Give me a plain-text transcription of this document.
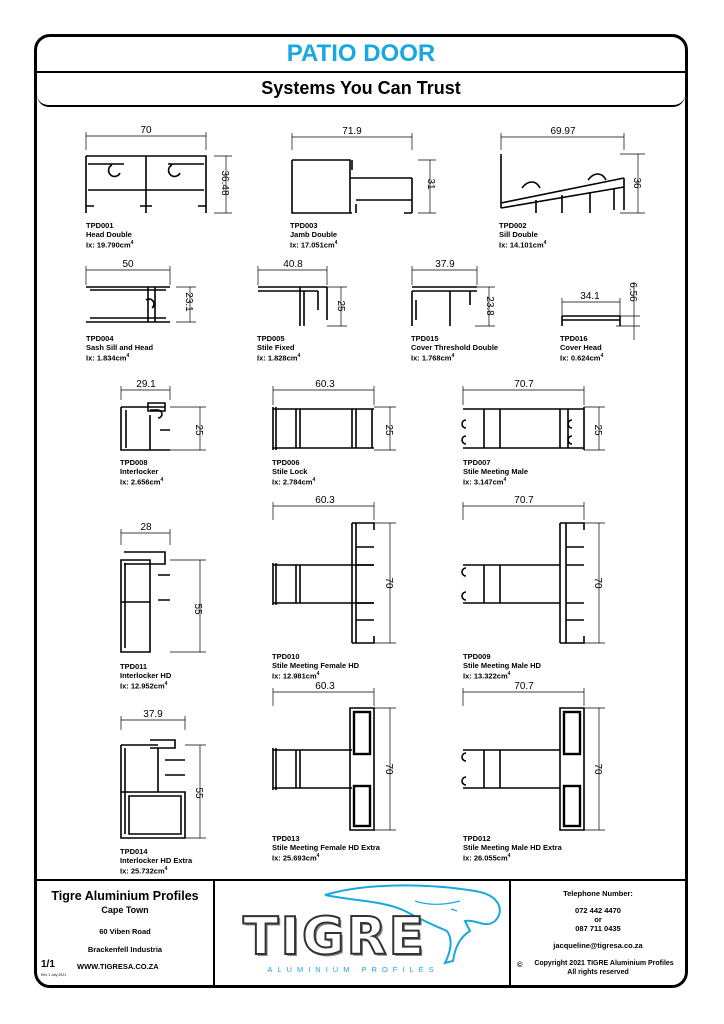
PATIO DOOR
Systems You Can Trust
70
36.48
71.9
31
69.97
36
50
23.1
40.8
25
37.9
23.8	34.1	6.56
29.1
25
60.3
25
70.7
25
28
55
60.3
70
70.7
70
37.9
55
60.3
70
70.7
70
TPD001
Head Double
Ix: $19.790cm^4$
TPD003
Jamb Double
Ix: $17.051cm^4$
TPD002
Sill Double
Ix: $14.101cm^4$
TPD004
Sash Sill and Head
Ix: $1.834cm^4$
TPD005
Stile Fixed
Ix: $1.828cm^4$
TPD015
Cover Threshold Double
Ix: $1.768cm^4$
TPD016
Cover Head
Ix: $0.624cm^4$
TPD008
Interlocker
Ix: $2.656cm^4$
TPD006
Stile Lock
Ix: $2.784cm^4$
TPD007
Stile Meeting Male
Ix: $3.147cm^4$
TPD011
Interlocker HD
Ix: $12.952cm^4$
TPD010
Stile Meeting Female HD
Ix: $12.981cm^4$
TPD009
Stile Meeting Male HD
Ix: $13.322cm^4$
TPD014
Interlocker HD Extra
Ix: $25.732cm^4$
TPD013
Stile Meeting Female HD Extra
Ix: $25.693cm^4$
TPD012
Stile Meeting Male HD Extra
Ix: $26.055cm^4$
Tigre Aluminium Profiles
Cape Town
60 Viben Road
Brackenfell Industria
1/1	WWW.TIGRESA.CO.ZA
Rev 1 July 2021
TIGRE
ALUMINIUM PROFILES
Telephone Number:
072 442 4470
or
087 711 0435
jacqueline@tigresa.co.za
©	Copyright 2021 TIGRE Aluminium Profiles
All rights reserved
